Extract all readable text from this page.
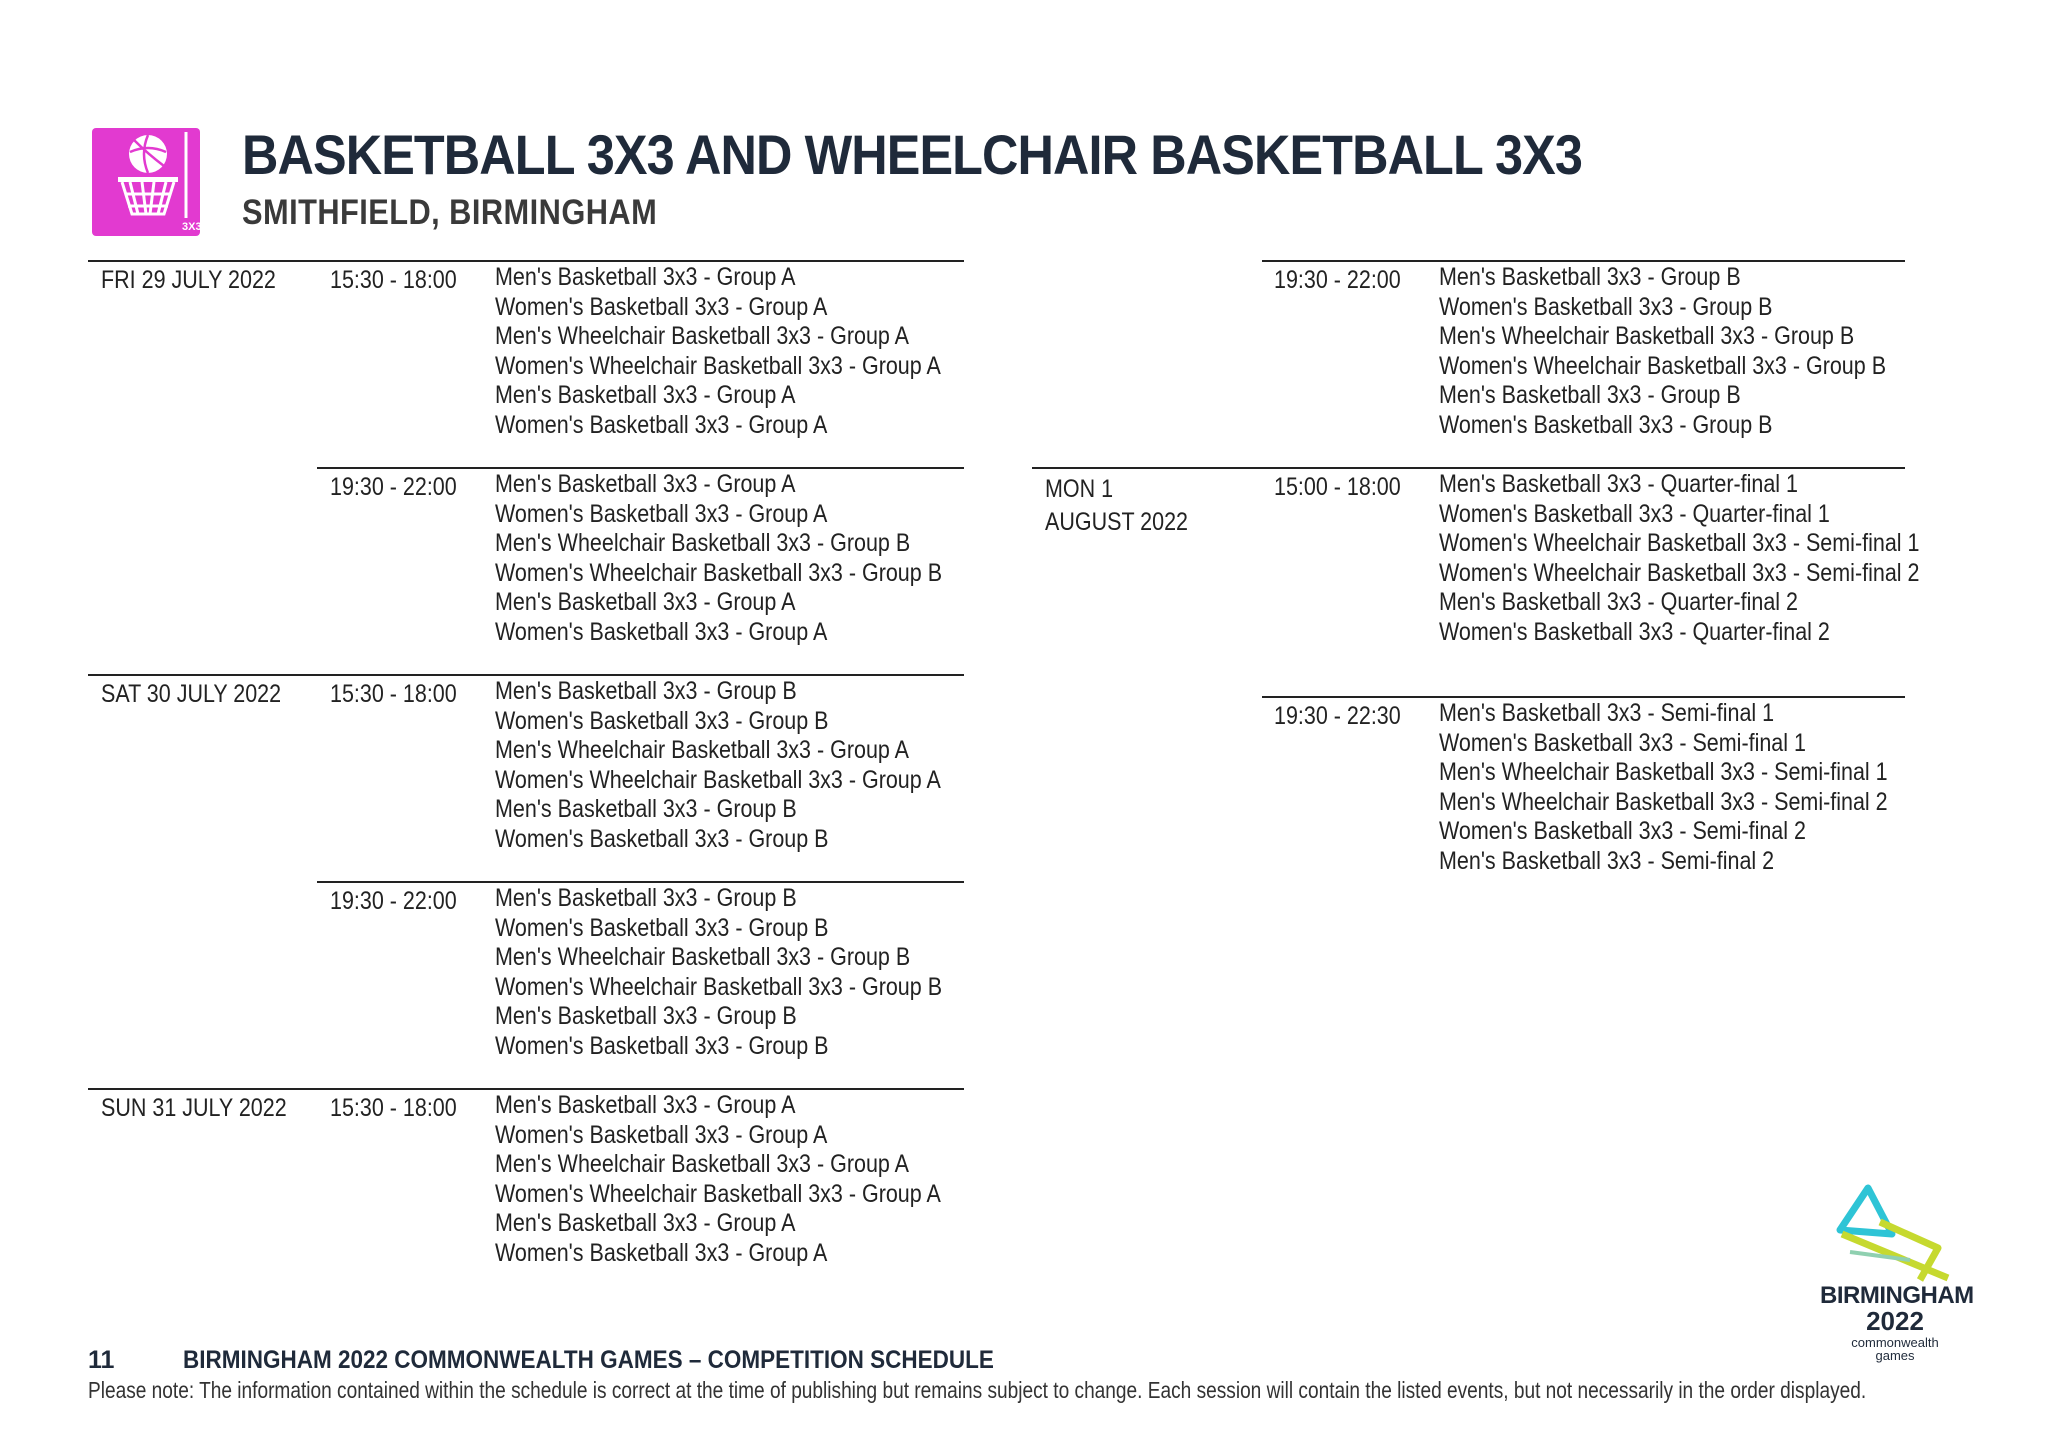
3X3
BASKETBALL 3X3 AND WHEELCHAIR BASKETBALL 3X3
SMITHFIELD, BIRMINGHAM
FRI 29 JULY 2022 15:30 - 18:00 Men's Basketball 3x3 - Group A
Women's Basketball 3x3 - Group A
Men's Wheelchair Basketball 3x3 - Group A
Women's Wheelchair Basketball 3x3 - Group A
Men's Basketball 3x3 - Group A
Women's Basketball 3x3 - Group A
19:30 - 22:00 Men's Basketball 3x3 - Group A
Women's Basketball 3x3 - Group A
Men's Wheelchair Basketball 3x3 - Group B
Women's Wheelchair Basketball 3x3 - Group B
Men's Basketball 3x3 - Group A
Women's Basketball 3x3 - Group A
SAT 30 JULY 2022 15:30 - 18:00 Men's Basketball 3x3 - Group B
Women's Basketball 3x3 - Group B
Men's Wheelchair Basketball 3x3 - Group A
Women's Wheelchair Basketball 3x3 - Group A
Men's Basketball 3x3 - Group B
Women's Basketball 3x3 - Group B
19:30 - 22:00 Men's Basketball 3x3 - Group B
Women's Basketball 3x3 - Group B
Men's Wheelchair Basketball 3x3 - Group B
Women's Wheelchair Basketball 3x3 - Group B
Men's Basketball 3x3 - Group B
Women's Basketball 3x3 - Group B
SUN 31 JULY 2022 15:30 - 18:00 Men's Basketball 3x3 - Group A
Women's Basketball 3x3 - Group A
Men's Wheelchair Basketball 3x3 - Group A
Women's Wheelchair Basketball 3x3 - Group A
Men's Basketball 3x3 - Group A
Women's Basketball 3x3 - Group A
19:30 - 22:00 Men's Basketball 3x3 - Group B
Women's Basketball 3x3 - Group B
Men's Wheelchair Basketball 3x3 - Group B
Women's Wheelchair Basketball 3x3 - Group B
Men's Basketball 3x3 - Group B
Women's Basketball 3x3 - Group B
MON 1 AUGUST 2022
15:00 - 18:00 Men's Basketball 3x3 - Quarter-final 1
Women's Basketball 3x3 - Quarter-final 1
Women's Wheelchair Basketball 3x3 - Semi-final 1
Women's Wheelchair Basketball 3x3 - Semi-final 2
Men's Basketball 3x3 - Quarter-final 2
Women's Basketball 3x3 - Quarter-final 2
19:30 - 22:30 Men's Basketball 3x3 - Semi-final 1
Women's Basketball 3x3 - Semi-final 1
Men's Wheelchair Basketball 3x3 - Semi-final 1
Men's Wheelchair Basketball 3x3 - Semi-final 2
Women's Basketball 3x3 - Semi-final 2
Men's Basketball 3x3 - Semi-final 2
BIRMINGHAM
2022
commonwealth
games
11	BIRMINGHAM 2022 COMMONWEALTH GAMES – COMPETITION SCHEDULE
Please note: The information contained within the schedule is correct at the time of publishing but remains subject to change. Each session will contain the listed events, but not necessarily in the order displayed.
